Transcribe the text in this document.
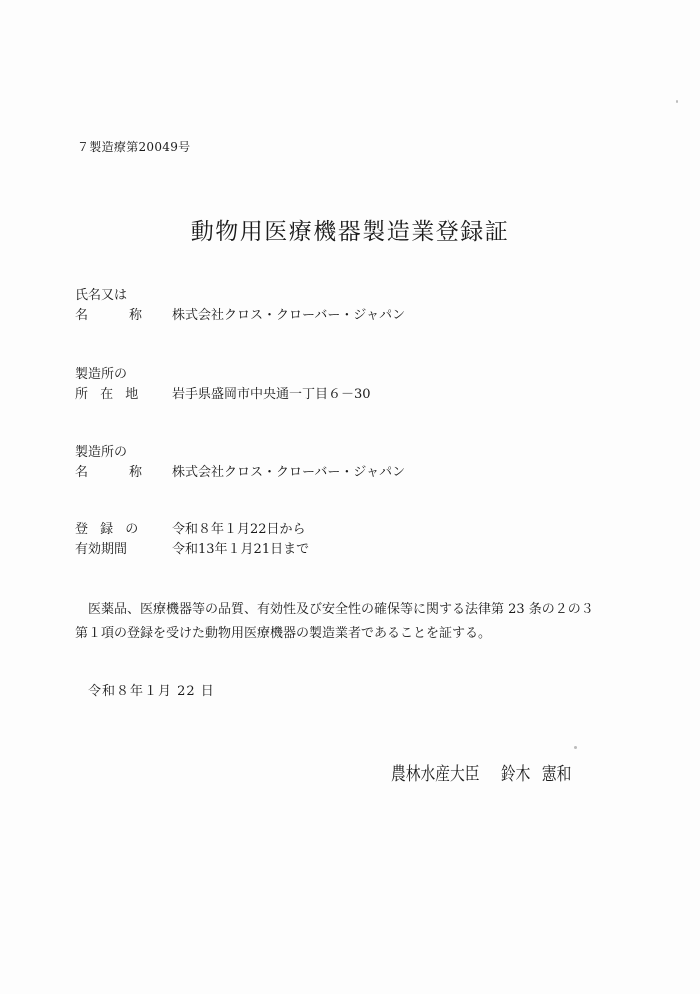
７製造療第20049号
動物用医療機器製造業登録証
氏名又は
名　称 株式会社クロス・クローバー・ジャパン
製造所の
所 在 地 岩手県盛岡市中央通一丁目６－30
製造所の
名　称 株式会社クロス・クローバー・ジャパン
登 録 の
有効期間
令和８年１月22日から
令和13年１月21日まで

医薬品、医療機器等の品質、有効性及び安全性の確保等に関する法律第 23 条の２の３

第１項の登録を受けた動物用医療機器の製造業者であることを証する。

令和８年１月 22 日
農林水産大臣 鈴木 憲和
